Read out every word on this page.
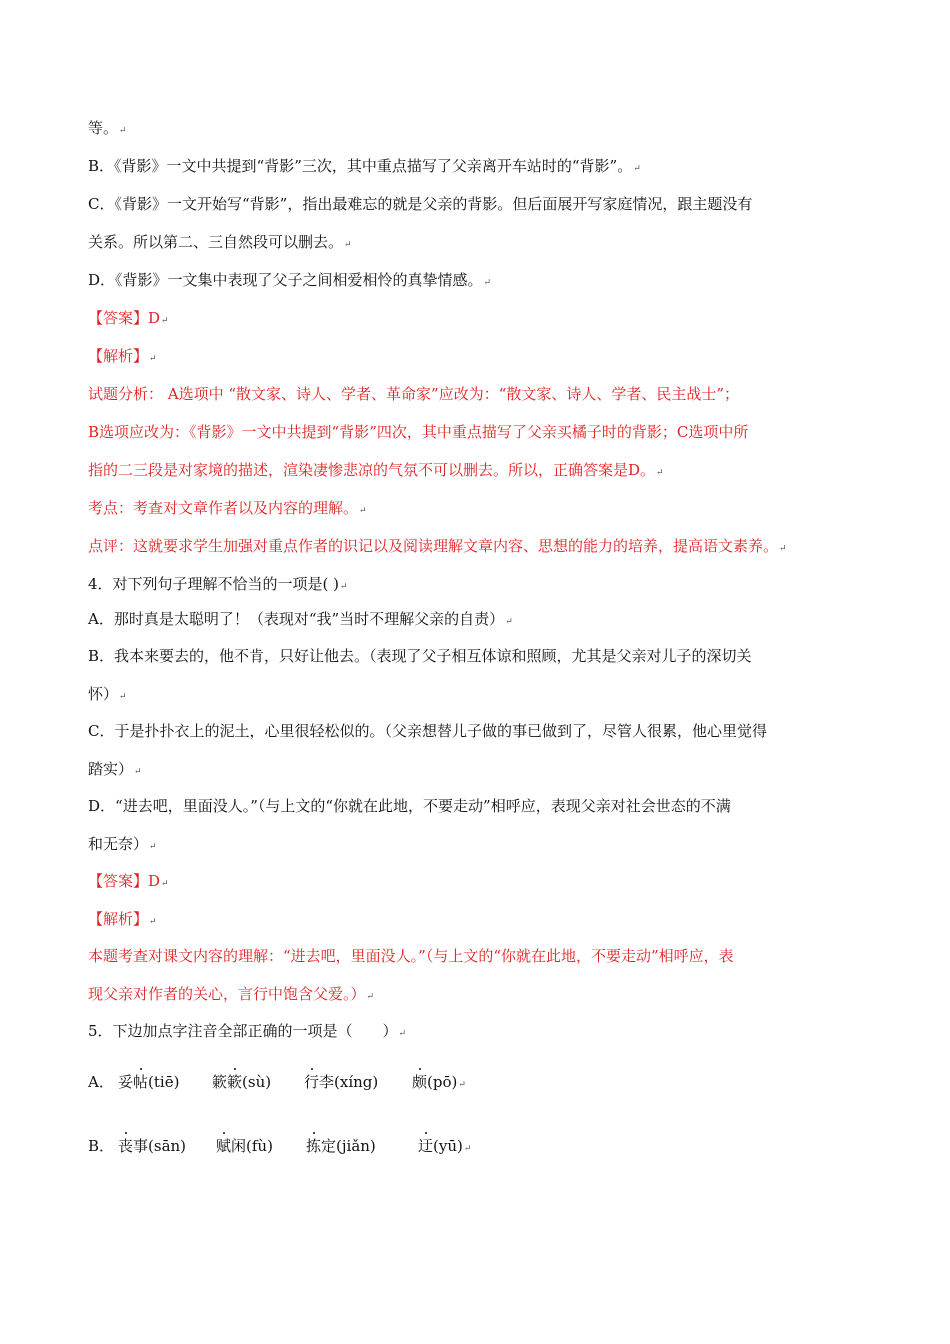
等。↵
B．《背影》一文中共提到“背影”三次，其中重点描写了父亲离开车站时的“背影”。↵
C．《背影》一文开始写“背影”，指出最难忘的就是父亲的背影。但后面展开写家庭情况，跟主题没有
关系。所以第二、三自然段可以删去。↵
D．《背影》一文集中表现了父子之间相爱相怜的真挚情感。↵
【答案】D↵
【解析】↵
试题分析： A选项中 “散文家、诗人、学者、革命家”应改为：“散文家、诗人、学者、民主战士”；
B选项应改为：《背影》一文中共提到“背影”四次，其中重点描写了父亲买橘子时的背影；C选项中所
指的二三段是对家境的描述，渲染凄惨悲凉的气氛不可以删去。所以，正确答案是D。↵
考点：考查对文章作者以及内容的理解。↵
点评：这就要求学生加强对重点作者的识记以及阅读理解文章内容、思想的能力的培养，提高语文素养。↵
4．对下列句子理解不恰当的一项是( )↵
A．那时真是太聪明了！（表现对“我”当时不理解父亲的自责）↵
B．我本来要去的，他不肯，只好让他去。（表现了父子相互体谅和照顾，尤其是父亲对儿子的深切关
怀）↵
C．于是扑扑衣上的泥土，心里很轻松似的。（父亲想替儿子做的事已做到了，尽管人很累，他心里觉得
踏实）↵
D．“进去吧，里面没人。”（与上文的“你就在此地，不要走动”相呼应，表现父亲对社会世态的不满
和无奈）↵
【答案】D↵
【解析】↵
本题考查对课文内容的理解：“进去吧，里面没人。”（与上文的“你就在此地，不要走动”相呼应，表
现父亲对作者的关心，言行中饱含父爱。）↵
5．下边加点字注音全部正确的一项是（　　）↵
A． 妥帖(tiē) 簌簌(sù) 行李(xíng) 颇(pō)↵
B． 丧事(sān) 赋闲(fù) 拣定(jiǎn)	迂(yū)↵
